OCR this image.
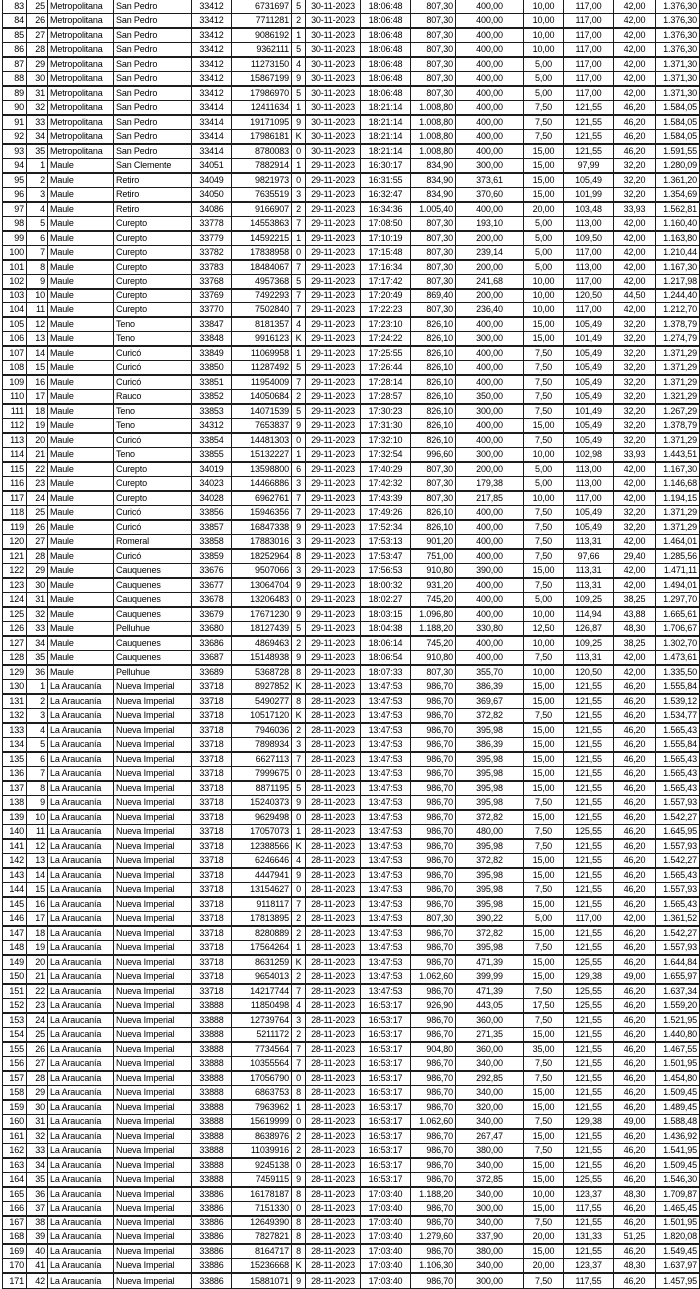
83	25	Metropolitana	San Pedro	33412	6731697	5	30-11-2023	18:06:48	807,30	400,00	10,00	117,00	42,00	1.376,30
84	26	Metropolitana	San Pedro	33412	7711281	2	30-11-2023	18:06:48	807,30	400,00	10,00	117,00	42,00	1.376,30
85	27	Metropolitana	San Pedro	33412	9086192	1	30-11-2023	18:06:48	807,30	400,00	10,00	117,00	42,00	1.376,30
86	28	Metropolitana	San Pedro	33412	9362111	5	30-11-2023	18:06:48	807,30	400,00	10,00	117,00	42,00	1.376,30
87	29	Metropolitana	San Pedro	33412	11273150	4	30-11-2023	18:06:48	807,30	400,00	5,00	117,00	42,00	1.371,30
88	30	Metropolitana	San Pedro	33412	15867199	9	30-11-2023	18:06:48	807,30	400,00	5,00	117,00	42,00	1.371,30
89	31	Metropolitana	San Pedro	33412	17986970	5	30-11-2023	18:06:48	807,30	400,00	5,00	117,00	42,00	1.371,30
90	32	Metropolitana	San Pedro	33414	12411634	1	30-11-2023	18:21:14	1.008,80	400,00	7,50	121,55	46,20	1.584,05
91	33	Metropolitana	San Pedro	33414	19171095	9	30-11-2023	18:21:14	1.008,80	400,00	7,50	121,55	46,20	1.584,05
92	34	Metropolitana	San Pedro	33414	17986181	K	30-11-2023	18:21:14	1.008,80	400,00	7,50	121,55	46,20	1.584,05
93	35	Metropolitana	San Pedro	33414	8780083	0	30-11-2023	18:21:14	1.008,80	400,00	15,00	121,55	46,20	1.591,55
94	1	Maule	San Clemente	34051	7882914	1	29-11-2023	16:30:17	834,90	300,00	15,00	97,99	32,20	1.280,09
95	2	Maule	Retiro	34049	9821973	0	29-11-2023	16:31:55	834,90	373,61	15,00	105,49	32,20	1.361,20
96	3	Maule	Retiro	34050	7635519	3	29-11-2023	16:32:47	834,90	370,60	15,00	101,99	32,20	1.354,69
97	4	Maule	Retiro	34086	9166907	2	29-11-2023	16:34:36	1.005,40	400,00	20,00	103,48	33,93	1.562,81
98	5	Maule	Curepto	33778	14553863	7	29-11-2023	17:08:50	807,30	193,10	5,00	113,00	42,00	1.160,40
99	6	Maule	Curepto	33779	14592215	1	29-11-2023	17:10:19	807,30	200,00	5,00	109,50	42,00	1.163,80
100	7	Maule	Curepto	33782	17838958	0	29-11-2023	17:15:48	807,30	239,14	5,00	117,00	42,00	1.210,44
101	8	Maule	Curepto	33783	18484067	7	29-11-2023	17:16:34	807,30	200,00	5,00	113,00	42,00	1.167,30
102	9	Maule	Curepto	33768	4957368	5	29-11-2023	17:17:42	807,30	241,68	10,00	117,00	42,00	1.217,98
103	10	Maule	Curepto	33769	7492293	7	29-11-2023	17:20:49	869,40	200,00	10,00	120,50	44,50	1.244,40
104	11	Maule	Curepto	33770	7502840	7	29-11-2023	17:22:23	807,30	236,40	10,00	117,00	42,00	1.212,70
105	12	Maule	Teno	33847	8181357	4	29-11-2023	17:23:10	826,10	400,00	15,00	105,49	32,20	1.378,79
106	13	Maule	Teno	33848	9916123	K	29-11-2023	17:24:22	826,10	300,00	15,00	101,49	32,20	1.274,79
107	14	Maule	Curicó	33849	11069958	1	29-11-2023	17:25:55	826,10	400,00	7,50	105,49	32,20	1.371,29
108	15	Maule	Curicó	33850	11287492	5	29-11-2023	17:26:44	826,10	400,00	7,50	105,49	32,20	1.371,29
109	16	Maule	Curicó	33851	11954009	7	29-11-2023	17:28:14	826,10	400,00	7,50	105,49	32,20	1.371,29
110	17	Maule	Rauco	33852	14050684	2	29-11-2023	17:28:57	826,10	350,00	7,50	105,49	32,20	1.321,29
111	18	Maule	Teno	33853	14071539	5	29-11-2023	17:30:23	826,10	300,00	7,50	101,49	32,20	1.267,29
112	19	Maule	Teno	34312	7653837	9	29-11-2023	17:31:30	826,10	400,00	15,00	105,49	32,20	1.378,79
113	20	Maule	Curicó	33854	14481303	0	29-11-2023	17:32:10	826,10	400,00	7,50	105,49	32,20	1.371,29
114	21	Maule	Teno	33855	15132227	1	29-11-2023	17:32:54	996,60	300,00	10,00	102,98	33,93	1.443,51
115	22	Maule	Curepto	34019	13598800	6	29-11-2023	17:40:29	807,30	200,00	5,00	113,00	42,00	1.167,30
116	23	Maule	Curepto	34023	14466886	3	29-11-2023	17:42:32	807,30	179,38	5,00	113,00	42,00	1.146,68
117	24	Maule	Curepto	34028	6962761	7	29-11-2023	17:43:39	807,30	217,85	10,00	117,00	42,00	1.194,15
118	25	Maule	Curicó	33856	15946356	7	29-11-2023	17:49:26	826,10	400,00	7,50	105,49	32,20	1.371,29
119	26	Maule	Curicó	33857	16847338	9	29-11-2023	17:52:34	826,10	400,00	7,50	105,49	32,20	1.371,29
120	27	Maule	Romeral	33858	17883016	3	29-11-2023	17:53:13	901,20	400,00	7,50	113,31	42,00	1.464,01
121	28	Maule	Curicó	33859	18252964	8	29-11-2023	17:53:47	751,00	400,00	7,50	97,66	29,40	1.285,56
122	29	Maule	Cauquenes	33676	9507066	3	29-11-2023	17:56:53	910,80	390,00	15,00	113,31	42,00	1.471,11
123	30	Maule	Cauquenes	33677	13064704	9	29-11-2023	18:00:32	931,20	400,00	7,50	113,31	42,00	1.494,01
124	31	Maule	Cauquenes	33678	13206483	0	29-11-2023	18:02:27	745,20	400,00	5,00	109,25	38,25	1.297,70
125	32	Maule	Cauquenes	33679	17671230	9	29-11-2023	18:03:15	1.096,80	400,00	10,00	114,94	43,88	1.665,61
126	33	Maule	Pelluhue	33680	18127439	5	29-11-2023	18:04:38	1.188,20	330,80	12,50	126,87	48,30	1.706,67
127	34	Maule	Cauquenes	33686	4869463	2	29-11-2023	18:06:14	745,20	400,00	10,00	109,25	38,25	1.302,70
128	35	Maule	Cauquenes	33687	15148938	9	29-11-2023	18:06:54	910,80	400,00	7,50	113,31	42,00	1.473,61
129	36	Maule	Pelluhue	33689	5368728	8	29-11-2023	18:07:33	807,30	355,70	10,00	120,50	42,00	1.335,50
130	1	La Araucanía	Nueva Imperial	33718	8927852	K	28-11-2023	13:47:53	986,70	386,39	15,00	121,55	46,20	1.555,84
131	2	La Araucanía	Nueva Imperial	33718	5490277	8	28-11-2023	13:47:53	986,70	369,67	15,00	121,55	46,20	1.539,12
132	3	La Araucanía	Nueva Imperial	33718	10517120	K	28-11-2023	13:47:53	986,70	372,82	7,50	121,55	46,20	1.534,77
133	4	La Araucanía	Nueva Imperial	33718	7946036	2	28-11-2023	13:47:53	986,70	395,98	15,00	121,55	46,20	1.565,43
134	5	La Araucanía	Nueva Imperial	33718	7898934	3	28-11-2023	13:47:53	986,70	386,39	15,00	121,55	46,20	1.555,84
135	6	La Araucanía	Nueva Imperial	33718	6627113	7	28-11-2023	13:47:53	986,70	395,98	15,00	121,55	46,20	1.565,43
136	7	La Araucanía	Nueva Imperial	33718	7999675	0	28-11-2023	13:47:53	986,70	395,98	15,00	121,55	46,20	1.565,43
137	8	La Araucanía	Nueva Imperial	33718	8871195	5	28-11-2023	13:47:53	986,70	395,98	15,00	121,55	46,20	1.565,43
138	9	La Araucanía	Nueva Imperial	33718	15240373	9	28-11-2023	13:47:53	986,70	395,98	7,50	121,55	46,20	1.557,93
139	10	La Araucanía	Nueva Imperial	33718	9629498	0	28-11-2023	13:47:53	986,70	372,82	15,00	121,55	46,20	1.542,27
140	11	La Araucanía	Nueva Imperial	33718	17057073	1	28-11-2023	13:47:53	986,70	480,00	7,50	125,55	46,20	1.645,95
141	12	La Araucanía	Nueva Imperial	33718	12388566	K	28-11-2023	13:47:53	986,70	395,98	7,50	121,55	46,20	1.557,93
142	13	La Araucanía	Nueva Imperial	33718	6246646	4	28-11-2023	13:47:53	986,70	372,82	15,00	121,55	46,20	1.542,27
143	14	La Araucanía	Nueva Imperial	33718	4447941	9	28-11-2023	13:47:53	986,70	395,98	15,00	121,55	46,20	1.565,43
144	15	La Araucanía	Nueva Imperial	33718	13154627	0	28-11-2023	13:47:53	986,70	395,98	7,50	121,55	46,20	1.557,93
145	16	La Araucanía	Nueva Imperial	33718	9118117	7	28-11-2023	13:47:53	986,70	395,98	15,00	121,55	46,20	1.565,43
146	17	La Araucanía	Nueva Imperial	33718	17813895	2	28-11-2023	13:47:53	807,30	390,22	5,00	117,00	42,00	1.361,52
147	18	La Araucanía	Nueva Imperial	33718	8280889	2	28-11-2023	13:47:53	986,70	372,82	15,00	121,55	46,20	1.542,27
148	19	La Araucanía	Nueva Imperial	33718	17564264	1	28-11-2023	13:47:53	986,70	395,98	7,50	121,55	46,20	1.557,93
149	20	La Araucanía	Nueva Imperial	33718	8631259	K	28-11-2023	13:47:53	986,70	471,39	15,00	125,55	46,20	1.644,84
150	21	La Araucanía	Nueva Imperial	33718	9654013	2	28-11-2023	13:47:53	1.062,60	399,99	15,00	129,38	49,00	1.655,97
151	22	La Araucanía	Nueva Imperial	33718	14217744	7	28-11-2023	13:47:53	986,70	471,39	7,50	125,55	46,20	1.637,34
152	23	La Araucanía	Nueva Imperial	33888	11850498	4	28-11-2023	16:53:17	926,90	443,05	17,50	125,55	46,20	1.559,20
153	24	La Araucanía	Nueva Imperial	33888	12739764	3	28-11-2023	16:53:17	986,70	360,00	7,50	121,55	46,20	1.521,95
154	25	La Araucanía	Nueva Imperial	33888	5211172	2	28-11-2023	16:53:17	986,70	271,35	15,00	121,55	46,20	1.440,80
155	26	La Araucanía	Nueva Imperial	33888	7734564	7	28-11-2023	16:53:17	904,80	360,00	35,00	121,55	46,20	1.467,55
156	27	La Araucanía	Nueva Imperial	33888	10355564	7	28-11-2023	16:53:17	986,70	340,00	7,50	121,55	46,20	1.501,95
157	28	La Araucanía	Nueva Imperial	33888	17056790	0	28-11-2023	16:53:17	986,70	292,85	7,50	121,55	46,20	1.454,80
158	29	La Araucanía	Nueva Imperial	33888	6863753	8	28-11-2023	16:53:17	986,70	340,00	15,00	121,55	46,20	1.509,45
159	30	La Araucanía	Nueva Imperial	33888	7963962	1	28-11-2023	16:53:17	986,70	320,00	15,00	121,55	46,20	1.489,45
160	31	La Araucanía	Nueva Imperial	33888	15619999	0	28-11-2023	16:53:17	1.062,60	340,00	7,50	129,38	49,00	1.588,48
161	32	La Araucanía	Nueva Imperial	33888	8638976	2	28-11-2023	16:53:17	986,70	267,47	15,00	121,55	46,20	1.436,92
162	33	La Araucanía	Nueva Imperial	33888	11039916	2	28-11-2023	16:53:17	986,70	380,00	7,50	121,55	46,20	1.541,95
163	34	La Araucanía	Nueva Imperial	33888	9245138	0	28-11-2023	16:53:17	986,70	340,00	15,00	121,55	46,20	1.509,45
164	35	La Araucanía	Nueva Imperial	33888	7459115	9	28-11-2023	16:53:17	986,70	372,85	15,00	125,55	46,20	1.546,30
165	36	La Araucanía	Nueva Imperial	33886	16178187	8	28-11-2023	17:03:40	1.188,20	340,00	10,00	123,37	48,30	1.709,87
166	37	La Araucanía	Nueva Imperial	33886	7151330	0	28-11-2023	17:03:40	986,70	300,00	15,00	117,55	46,20	1.465,45
167	38	La Araucanía	Nueva Imperial	33886	12649390	8	28-11-2023	17:03:40	986,70	340,00	7,50	121,55	46,20	1.501,95
168	39	La Araucanía	Nueva Imperial	33886	7827821	8	28-11-2023	17:03:40	1.279,60	337,90	20,00	131,33	51,25	1.820,08
169	40	La Araucanía	Nueva Imperial	33886	8164717	8	28-11-2023	17:03:40	986,70	380,00	15,00	121,55	46,20	1.549,45
170	41	La Araucanía	Nueva Imperial	33886	15236668	K	28-11-2023	17:03:40	1.106,30	340,00	20,00	123,37	48,30	1.637,97
171	42	La Araucanía	Nueva Imperial	33886	15881071	9	28-11-2023	17:03:40	986,70	300,00	7,50	117,55	46,20	1.457,95
